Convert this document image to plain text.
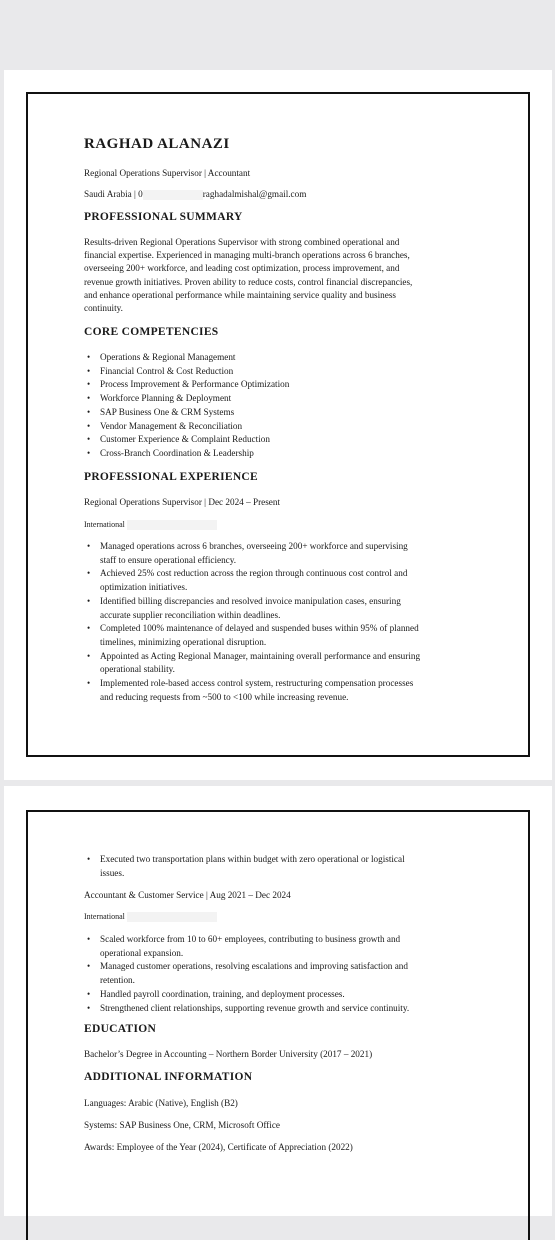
RAGHAD ALANAZI
Regional Operations Supervisor | Accountant
Saudi Arabia | 0	raghadalmishal@gmail.com
PROFESSIONAL SUMMARY
Results-driven Regional Operations Supervisor with strong combined operational and
financial expertise. Experienced in managing multi-branch operations across 6 branches,
overseeing 200+ workforce, and leading cost optimization, process improvement, and
revenue growth initiatives. Proven ability to reduce costs, control financial discrepancies,
and enhance operational performance while maintaining service quality and business
continuity.
CORE COMPETENCIES
• Operations & Regional Management
• Financial Control & Cost Reduction
• Process Improvement & Performance Optimization
• Workforce Planning & Deployment
• SAP Business One & CRM Systems
• Vendor Management & Reconciliation
• Customer Experience & Complaint Reduction
• Cross-Branch Coordination & Leadership
PROFESSIONAL EXPERIENCE
Regional Operations Supervisor | Dec 2024 – Present
International
• Managed operations across 6 branches, overseeing 200+ workforce and supervising
staff to ensure operational efficiency.
• Achieved 25% cost reduction across the region through continuous cost control and
optimization initiatives.
• Identified billing discrepancies and resolved invoice manipulation cases, ensuring
accurate supplier reconciliation within deadlines.
• Completed 100% maintenance of delayed and suspended buses within 95% of planned
timelines, minimizing operational disruption.
• Appointed as Acting Regional Manager, maintaining overall performance and ensuring
operational stability.
• Implemented role-based access control system, restructuring compensation processes
and reducing requests from ~500 to <100 while increasing revenue.
• Executed two transportation plans within budget with zero operational or logistical
issues.
Accountant & Customer Service | Aug 2021 – Dec 2024
International
• Scaled workforce from 10 to 60+ employees, contributing to business growth and
operational expansion.
• Managed customer operations, resolving escalations and improving satisfaction and
retention.
• Handled payroll coordination, training, and deployment processes.
• Strengthened client relationships, supporting revenue growth and service continuity.
EDUCATION
Bachelor’s Degree in Accounting – Northern Border University (2017 – 2021)
ADDITIONAL INFORMATION
Languages: Arabic (Native), English (B2)
Systems: SAP Business One, CRM, Microsoft Office
Awards: Employee of the Year (2024), Certificate of Appreciation (2022)
